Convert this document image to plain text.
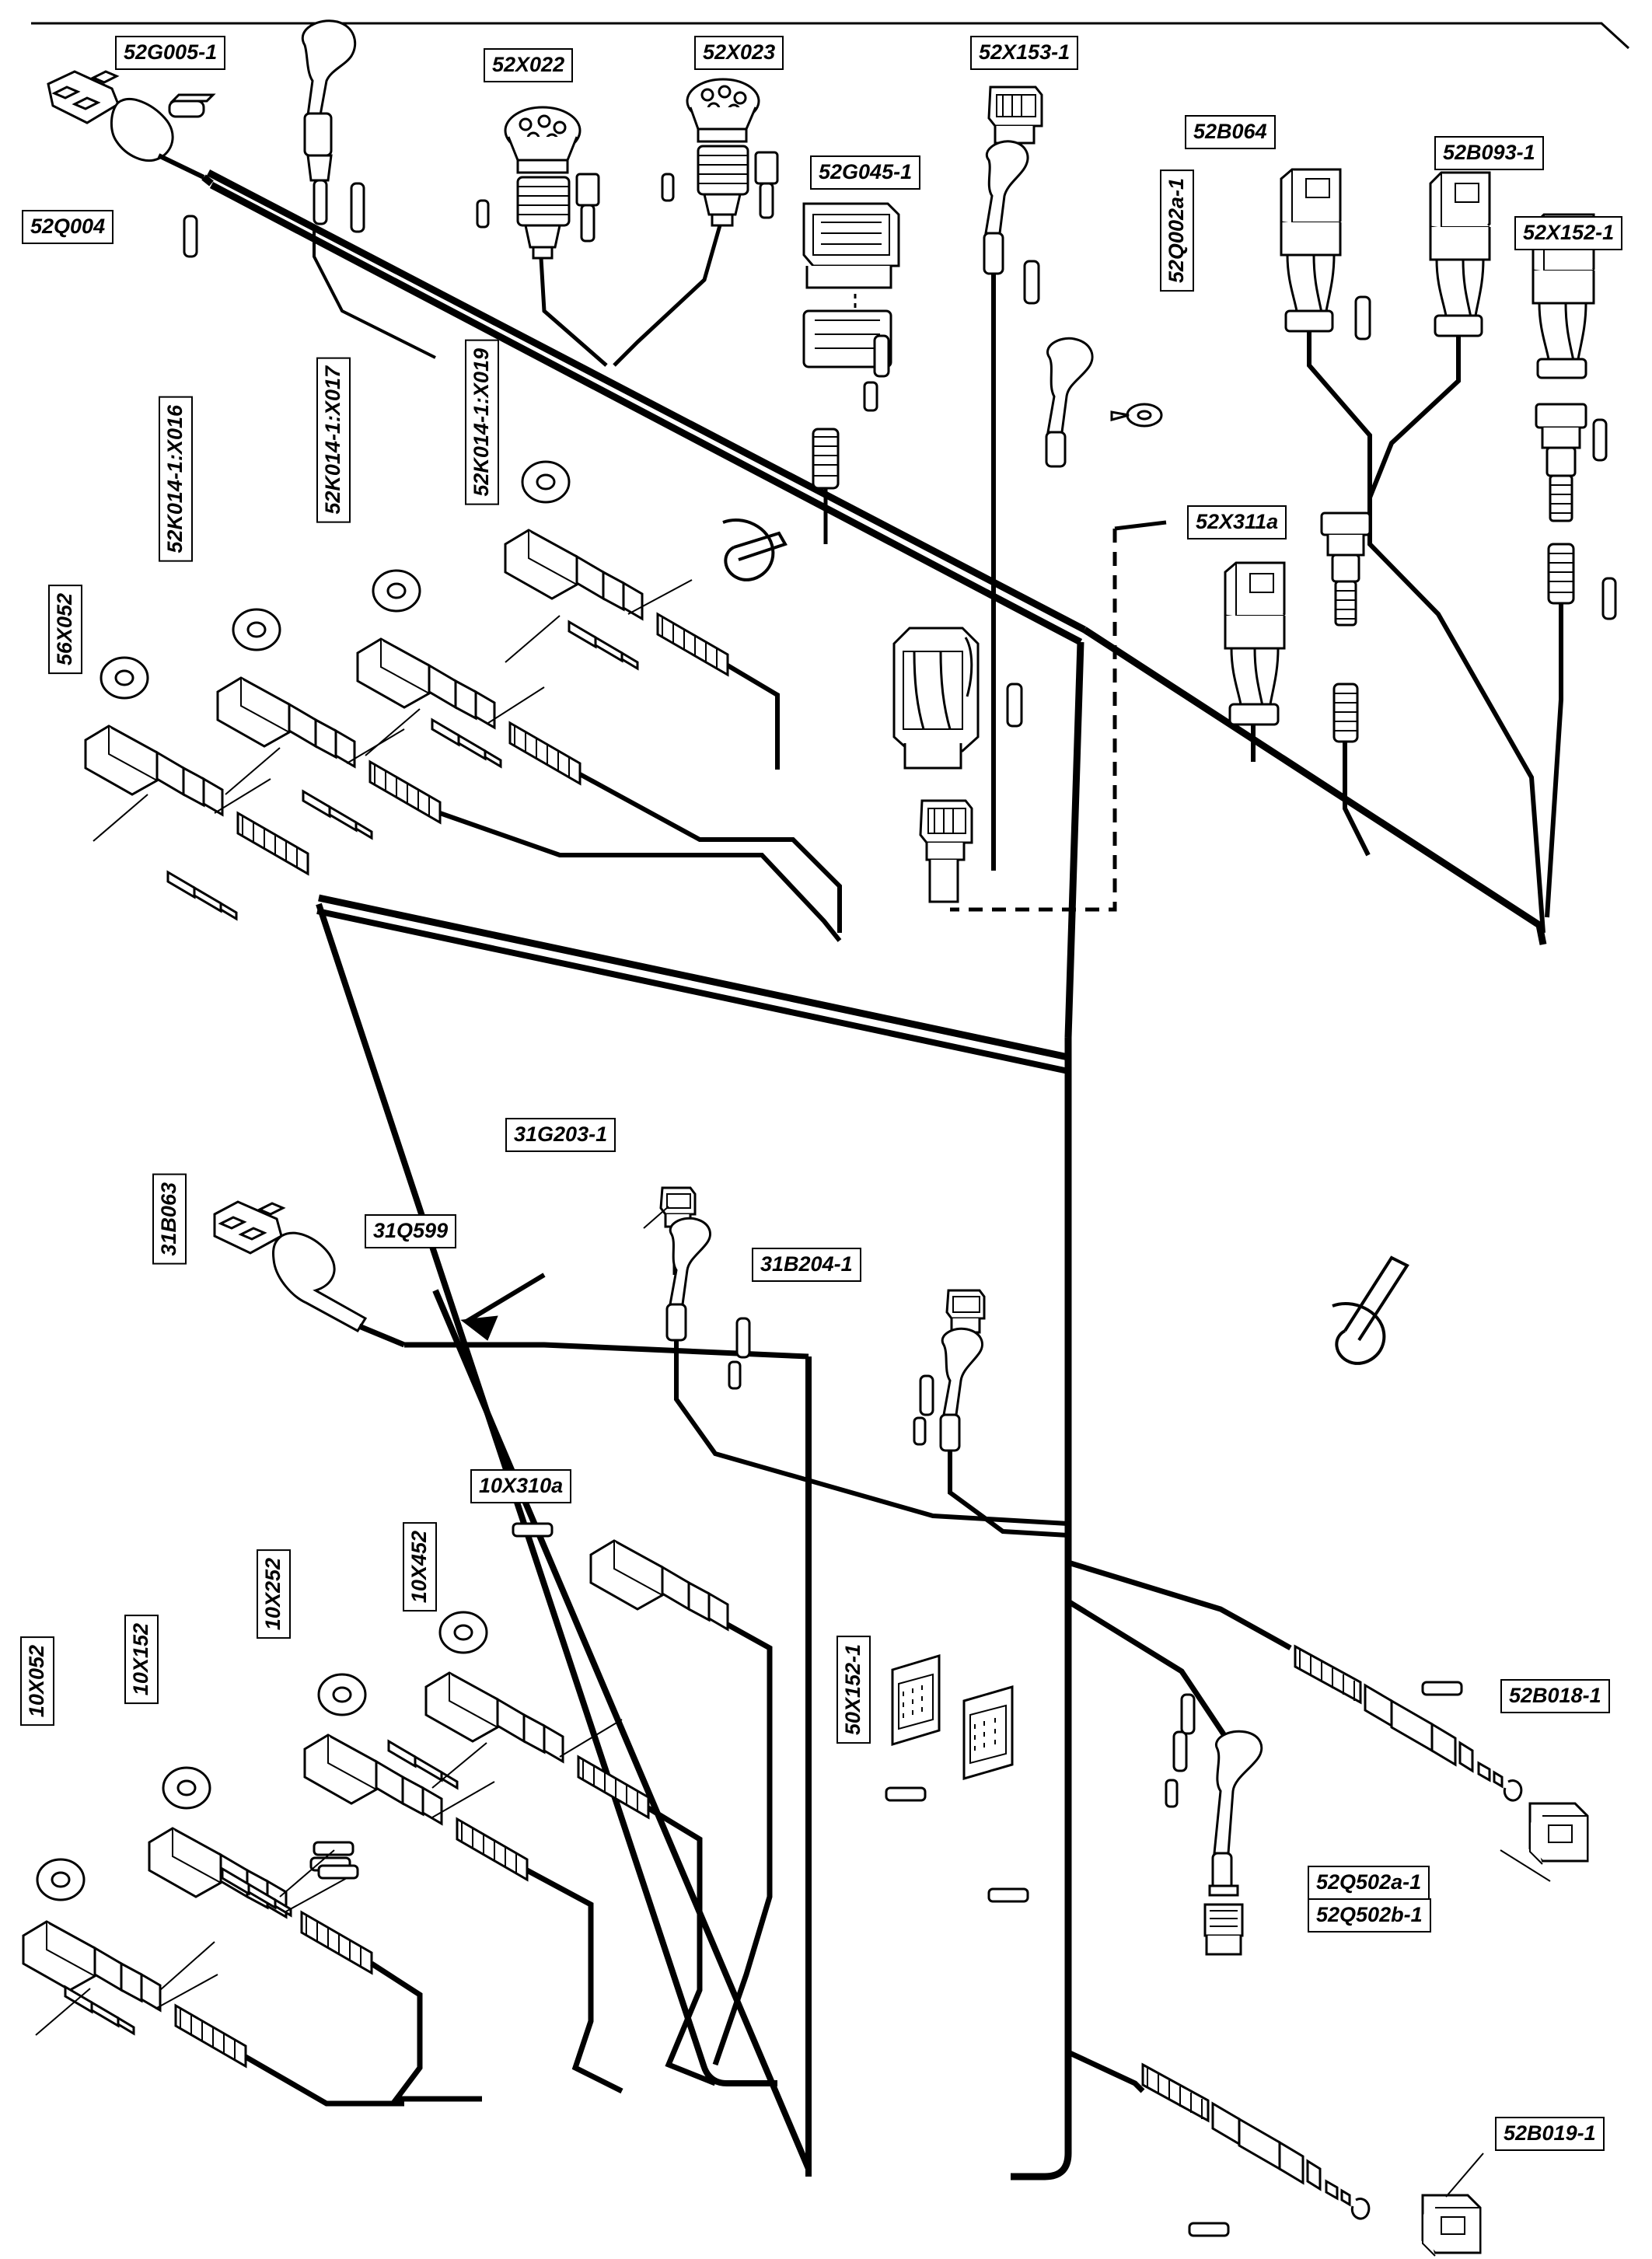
52G005-1
52X022
52X023	52X153-1
52B064
52B093-1
52X152-1
52Q004
52G045-1
52Q002a-1
52X311a
52K014-1:X016	52K014-1:X017	52K014-1:X019
56X052
31G203-1
31B063	31Q599
31B204-1
10X310a
10X452
10X252
10X152
10X052	50X152-1	52B018-1
52Q502a-1
52Q502b-1
52B019-1
